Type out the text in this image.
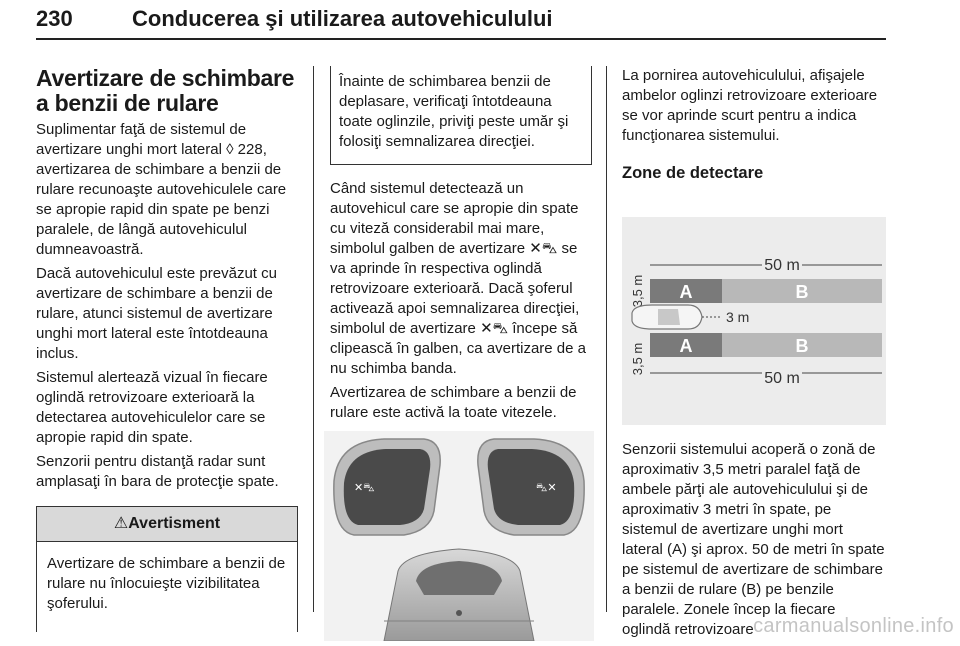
230	Conducerea şi utilizarea autovehiculului
Avertizare de schimbare a benzii de rulare

Suplimentar faţă de sistemul de avertizare unghi mort lateral ◊ 228, avertizarea de schimbare a benzii de rulare recunoaşte autovehiculele care se apropie rapid din spate pe benzi paralele, de lângă autovehiculul dumneavoastră.

Dacă autovehiculul este prevăzut cu avertizare de schimbare a benzii de rulare, atunci sistemul de avertizare unghi mort lateral este întotdeauna inclus.

Sistemul alertează vizual în fiecare oglindă retrovizoare exterioară la detectarea autovehiculelor care se apropie rapid din spate.

Senzorii pentru distanţă radar sunt amplasaţi în bara de protecţie spate.

⚠Avertisment
Avertizare de schimbare a benzii de rulare nu înlocuieşte vizibilitatea şoferului.

Înainte de schimbarea benzii de deplasare, verificaţi întotdeauna toate oglinzile, priviţi peste umăr şi folosiţi semnalizarea direcţiei.

Când sistemul detectează un autovehicul care se apropie din spate cu viteză considerabil mai mare, simbolul galben de avertizare ✕⛍ se va aprinde în respectiva oglindă retrovizoare exterioară. Dacă şoferul activează apoi semnalizarea direcţiei, simbolul de avertizare ✕⛍ începe să clipească în galben, ca avertizare de a nu schimba banda.

Avertizarea de schimbare a benzii de rulare este activă la toate vitezele.

✕⛍	⛍✕

La pornirea autovehiculului, afişajele ambelor oglinzi retrovizoare exterioare se vor aprinde scurt pentru a indica funcţionarea sistemului.

Zone de detectare
50 m
A	B
3,5 m
3,5 m
3 m
A	B
50 m

Senzorii sistemului acoperă o zonă de aproximativ 3,5 metri paralel faţă de ambele părţi ale autovehiculului şi de aproximativ 3 metri în spate, pe sistemul de avertizare unghi mort lateral (A) şi aprox. 50 de metri în spate pe sistemul de avertizare de schimbare a benzii de rulare (B) pe benzile paralele. Zonele încep la fiecare oglindă retrovizoare carmanualsonline.info
